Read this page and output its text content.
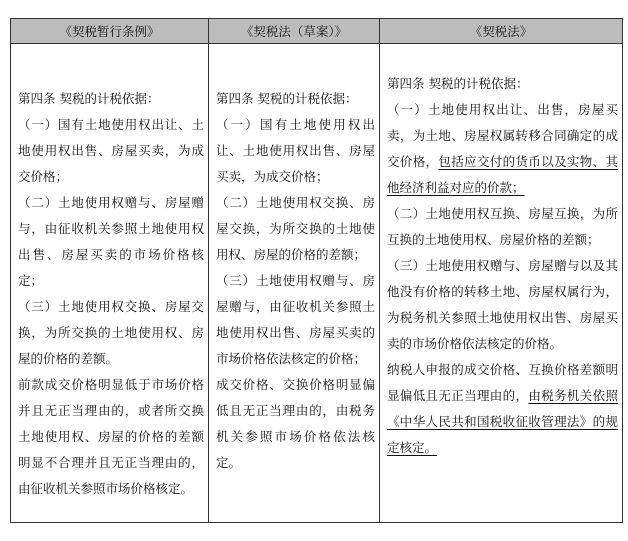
《契税暂行条例》	《契税法（草案）》	《契税法》

第四条 契税的计税依据：

（一）国有土地使用权出让、土地使用权出售、房屋买卖，为成交价格；

（二）土地使用权赠与、房屋赠与，由征收机关参照土地使用权出售、房屋买卖的市场价格核定；

（三）土地使用权交换、房屋交换，为所交换的土地使用权、房屋的价格的差额。

前款成交价格明显低于市场价格并且无正当理由的，或者所交换土地使用权、房屋的价格的差额明显不合理并且无正当理由的，由征收机关参照市场价格核定。

第四条 契税的计税依据：

（一）国有土地使用权出让、土地使用权出售、房屋买卖，为成交价格；

（二）土地使用权交换、房屋交换，为所交换的土地使用权、房屋的价格的差额；

（三）土地使用权赠与、房屋赠与，由征收机关参照土地使用权出售、房屋买卖的市场价格依法核定的价格；

成交价格、交换价格明显偏低且无正当理由的，由税务机关参照市场价格依法核定。

第四条 契税的计税依据：

（一）土地使用权出让、出售，房屋买卖，为土地、房屋权属转移合同确定的成交价格，包括应交付的货币以及实物、其他经济利益对应的价款；

（二）土地使用权互换、房屋互换，为所互换的土地使用权、房屋价格的差额；

（三）土地使用权赠与、房屋赠与以及其他没有价格的转移土地、房屋权属行为，为税务机关参照土地使用权出售、房屋买卖的市场价格依法核定的价格。

纳税人申报的成交价格、互换价格差额明显偏低且无正当理由的，由税务机关依照《中华人民共和国税收征收管理法》的规定核定。
